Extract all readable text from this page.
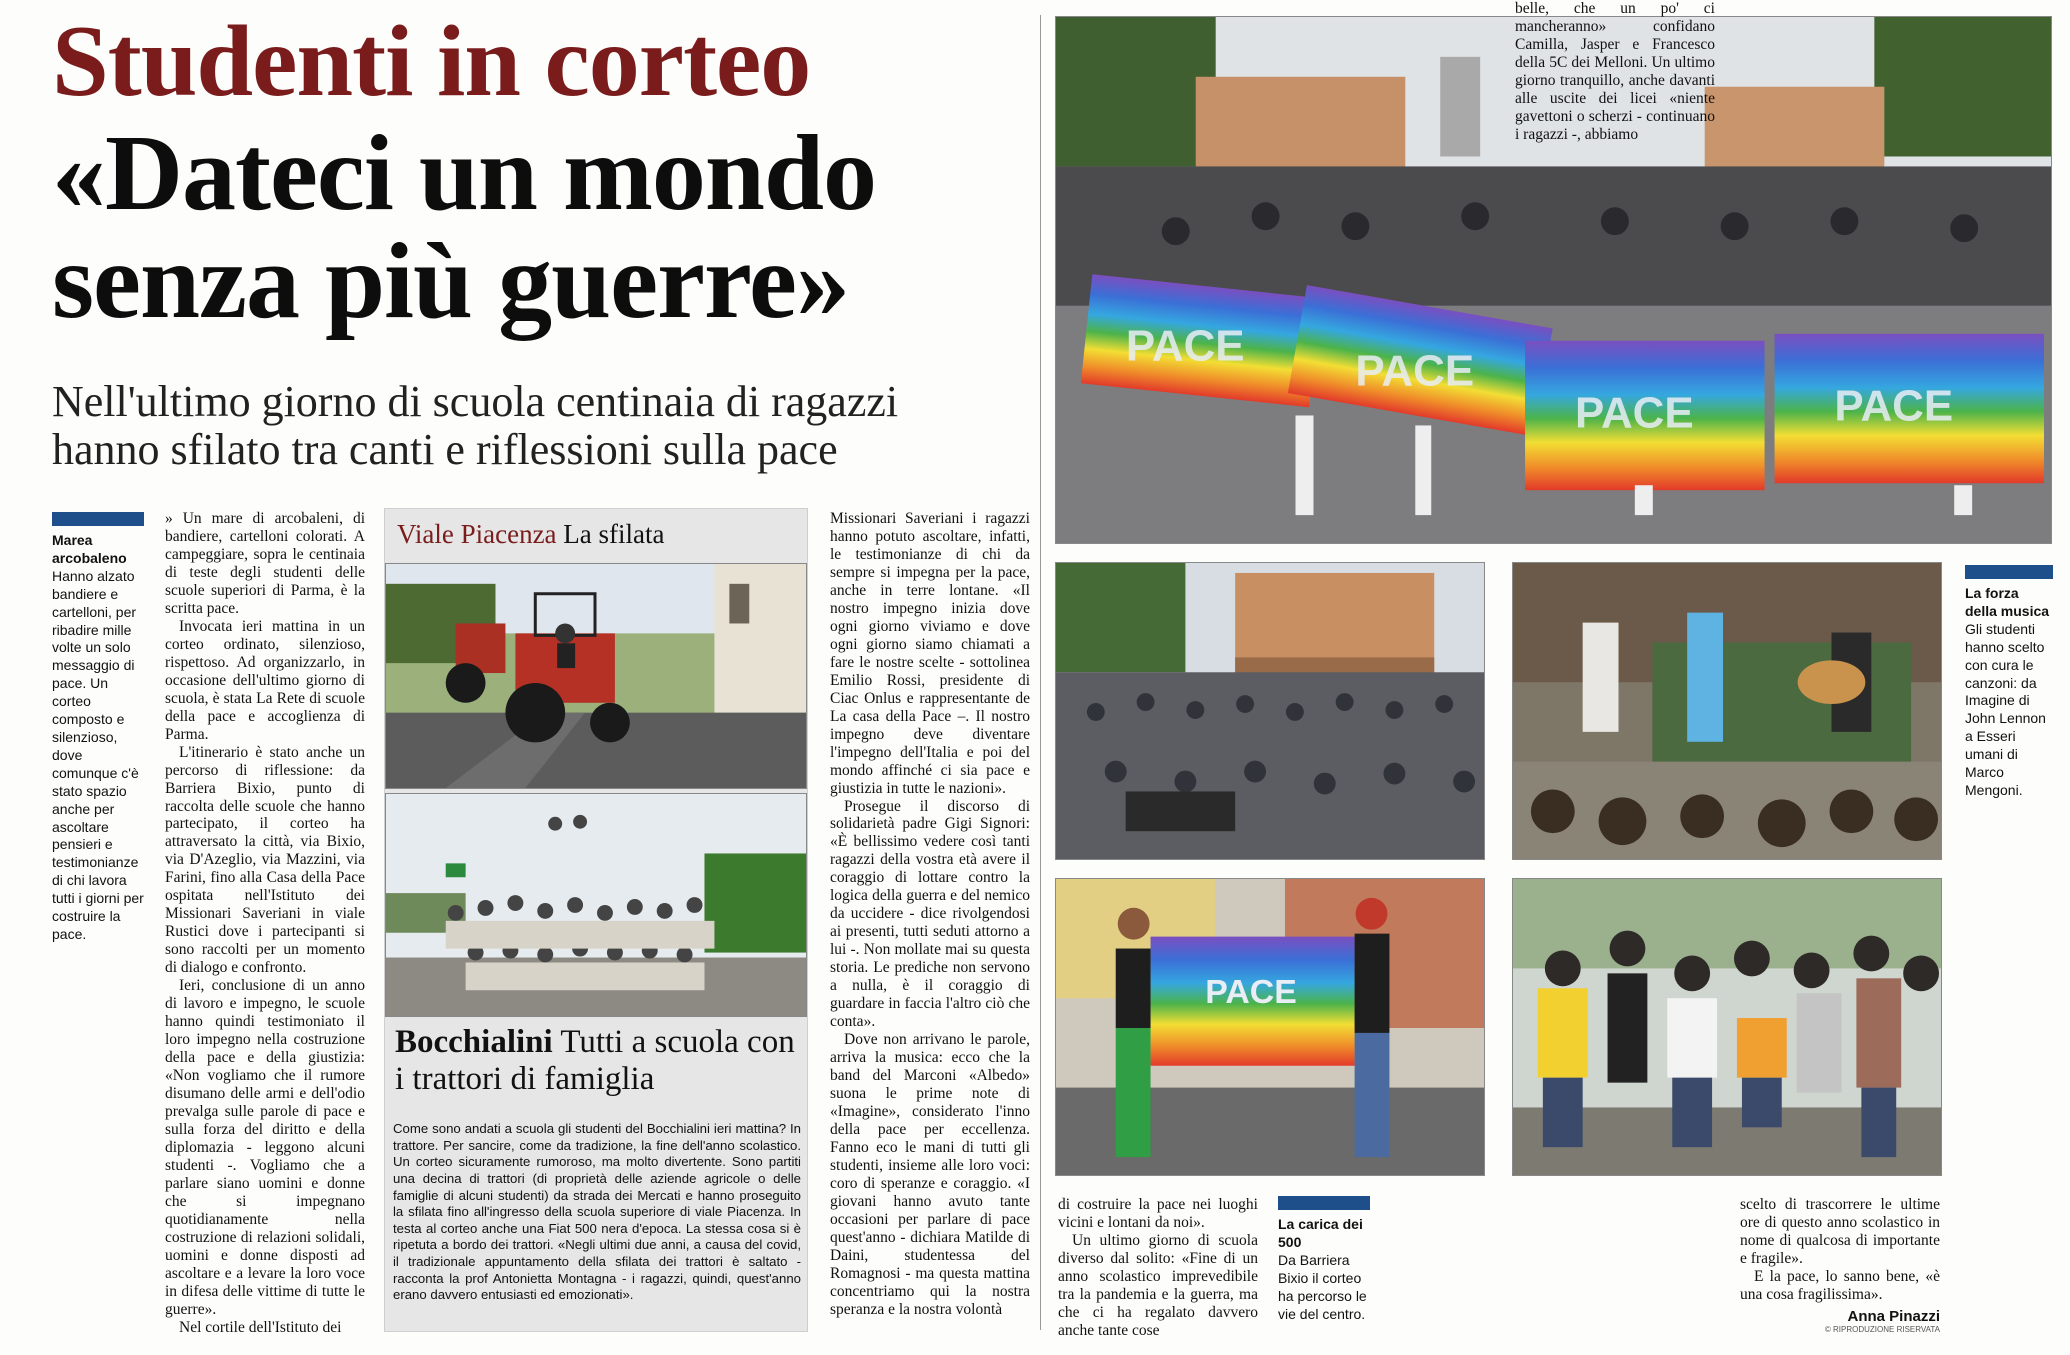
Studenti in corteo
«Dateci un mondo
senza più guerre»
Nell'ultimo giorno di scuola centinaia di ragazzi
hanno sfilato tra canti e riflessioni sulla pace
Marea arcobaleno
Hanno alzato bandiere e cartelloni, per ribadire mille volte un solo messaggio di pace. Un corteo composto e silenzioso, dove comunque c'è stato spazio anche per ascoltare pensieri e testimonianze di chi lavora tutti i giorni per costruire la pace.

» Un mare di arcobaleni, di bandiere, cartelloni colorati. A campeggiare, sopra le centinaia di teste degli studenti delle scuole superiori di Parma, è la scritta pace.

Invocata ieri mattina in un corteo ordinato, silenzioso, rispettoso. Ad organizzarlo, in occasione dell'ultimo giorno di scuola, è stata La Rete di scuole della pace e accoglienza di Parma.

L'itinerario è stato anche un percorso di riflessione: da Barriera Bixio, punto di raccolta delle scuole che hanno partecipato, il corteo ha attraversato la città, via Bixio, via D'Azeglio, via Mazzini, via Farini, fino alla Casa della Pace ospitata nell'Istituto dei Missionari Saveriani in viale Rustici dove i partecipanti si sono raccolti per un momento di dialogo e confronto.

Ieri, conclusione di un anno di lavoro e impegno, le scuole hanno quindi testimoniato il loro impegno nella costruzione della pace e della giustizia: «Non vogliamo che il rumore disumano delle armi e dell'odio prevalga sulle parole di pace e sulla forza del diritto e della diplomazia - leggono alcuni studenti -. Vogliamo che a parlare siano uomini e donne che si impegnano quotidianamente nella costruzione di relazioni solidali, uomini e donne disposti ad ascoltare e a levare la loro voce in difesa delle vittime di tutte le guerre».

Nel cortile dell'Istituto dei

Viale Piacenza La sfilata
Bocchialini Tutti a scuola con i trattori di famiglia
Come sono andati a scuola gli studenti del Bocchialini ieri mattina? In trattore. Per sancire, come da tradizione, la fine dell'anno scolastico. Un corteo sicuramente rumoroso, ma molto divertente. Sono partiti una decina di trattori (di proprietà delle aziende agricole o delle famiglie di alcuni studenti) da strada dei Mercati e hanno proseguito la sfilata fino all'ingresso della scuola superiore di viale Piacenza. In testa al corteo anche una Fiat 500 nera d'epoca. La stessa cosa si è ripetuta a bordo dei trattori. «Negli ultimi due anni, a causa del covid, il tradizionale appuntamento della sfilata dei trattori è saltato - racconta la prof Antonietta Montagna - i ragazzi, quindi, quest'anno erano davvero entusiasti ed emozionati».

Missionari Saveriani i ragazzi hanno potuto ascoltare, infatti, le testimonianze di chi da sempre si impegna per la pace, anche in terre lontane. «Il nostro impegno inizia dove ogni giorno viviamo e dove ogni giorno siamo chiamati a fare le nostre scelte - sottolinea Emilio Rossi, presidente di Ciac Onlus e rappresentante de La casa della Pace –. Il nostro impegno deve diventare l'impegno dell'Italia e poi del mondo affinché ci sia pace e giustizia in tutte le nazioni».

Prosegue il discorso di solidarietà padre Gigi Signori: «È bellissimo vedere così tanti ragazzi della vostra età avere il coraggio di lottare contro la logica della guerra e del nemico da uccidere - dice rivolgendosi ai presenti, tutti seduti attorno a lui -. Non mollate mai su questa storia. Le prediche non servono a nulla, è il coraggio di guardare in faccia l'altro ciò che conta».

Dove non arrivano le parole, arriva la musica: ecco che la band del Marconi «Albedo» suona le prime note di «Imagine», considerato l'inno della pace per eccellenza. Fanno eco le mani di tutti gli studenti, insieme alle loro voci: coro di speranze e coraggio. «I giovani hanno avuto tante occasioni per parlare di pace quest'anno - dichiara Matilde di Daini, studentessa del Romagnosi - ma questa mattina concentriamo qui la nostra speranza e la nostra volontà

PACE
PACE
PACE	PACE
La forza della musica
Gli studenti hanno scelto con cura le canzoni: da Imagine di John Lennon a Esseri umani di Marco Mengoni.
PACE

di costruire la pace nei luoghi vicini e lontani da noi».

Un ultimo giorno di scuola diverso dal solito: «Fine di un anno scolastico imprevedibile tra la pandemia e la guerra, ma che ci ha regalato davvero anche tante cose

La carica dei 500
Da Barriera Bixio il corteo ha percorso le vie del centro.

belle, che un po' ci mancheranno» confidano Camilla, Jasper e Francesco della 5C dei Melloni. Un ultimo giorno tranquillo, anche davanti alle uscite dei licei «niente gavettoni o scherzi - continuano i ragazzi -, abbiamo

scelto di trascorrere le ultime ore di questo anno scolastico in nome di qualcosa di importante e fragile».

E la pace, lo sanno bene, «è una cosa fragilissima».

Anna Pinazzi
© RIPRODUZIONE RISERVATA
